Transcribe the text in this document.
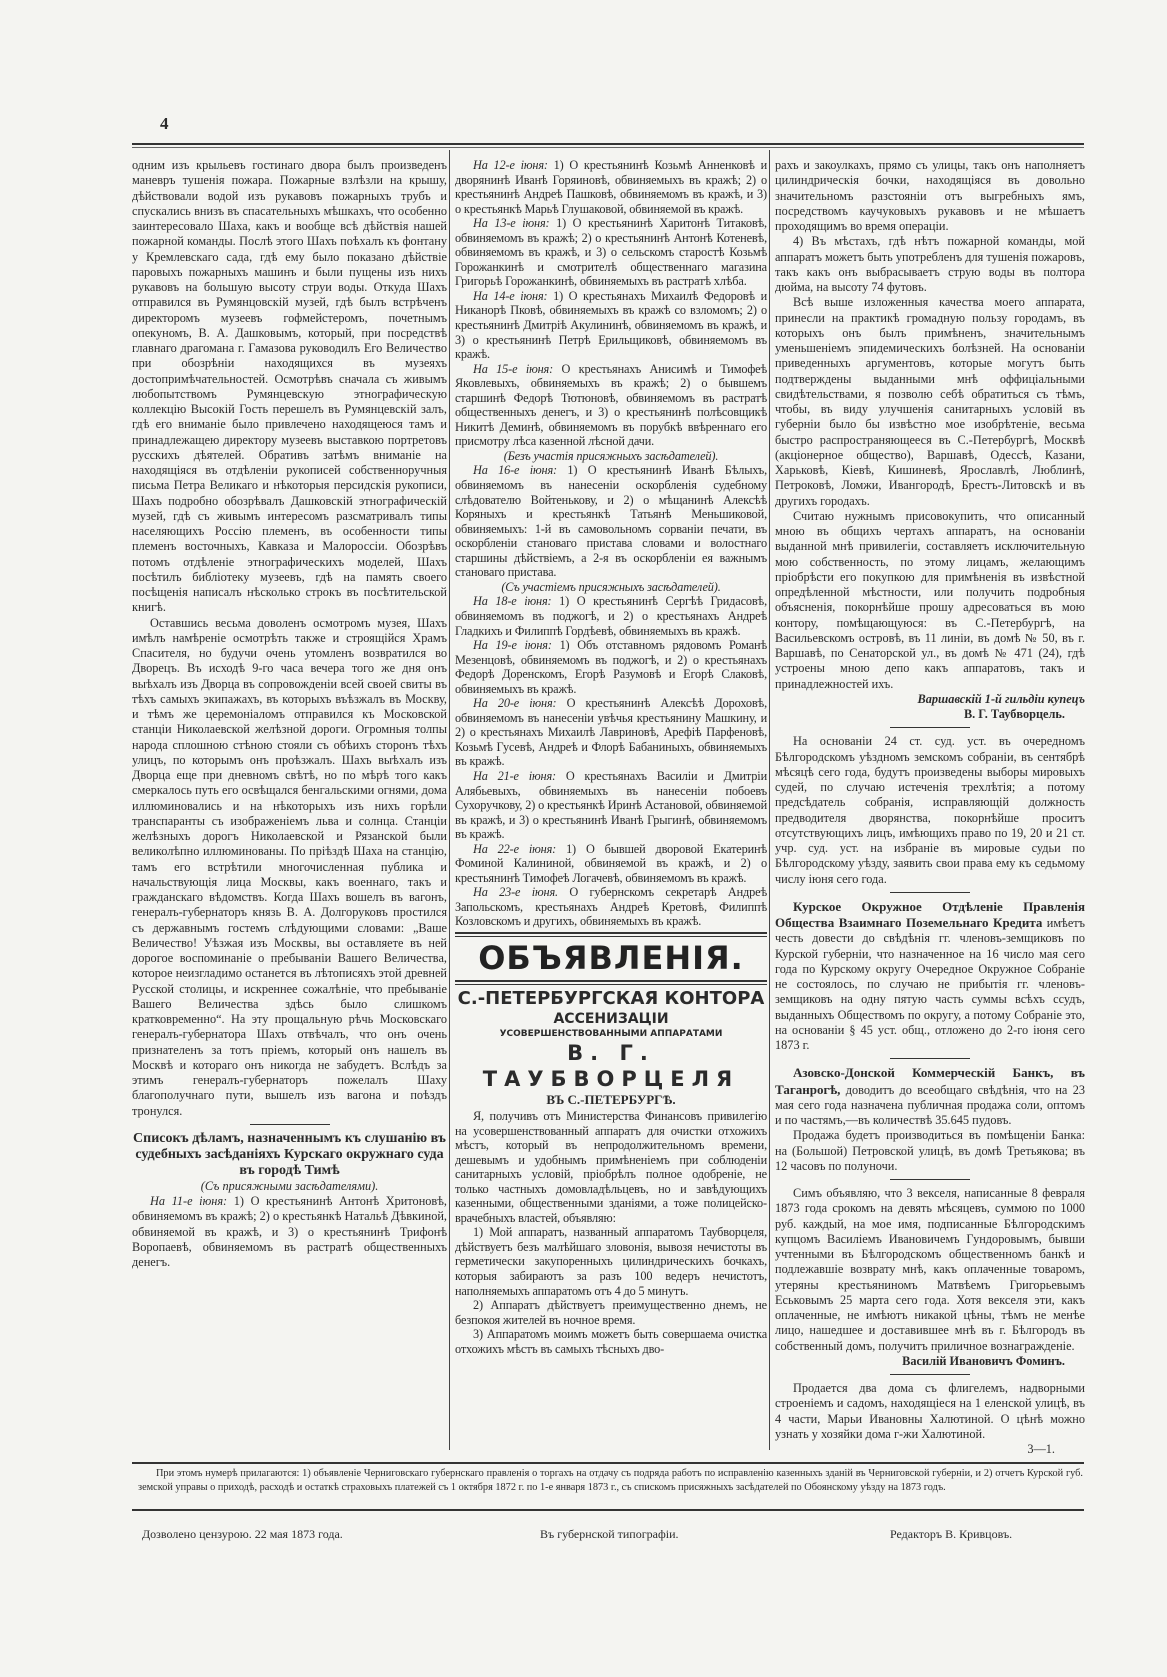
4

одним изъ крыльевъ гостинаго двора былъ произведенъ маневръ тушенія пожара. Пожарные взлѣзли на крышу, дѣйствовали водой изъ рукавовъ пожарныхъ трубъ и спускались внизъ въ спасательныхъ мѣшкахъ, что особенно заинтересовало Шаха, какъ и вообще всѣ дѣйствія нашей пожарной команды. Послѣ этого Шахъ поѣхалъ къ фонтану у Кремлевскаго сада, гдѣ ему было показано дѣйствіе паровыхъ пожарныхъ машинъ и были пущены изъ нихъ рукавовъ на большую высоту струи воды. Откуда Шахъ отправился въ Румянцовскій музей, гдѣ былъ встрѣченъ директоромъ музеевъ гофмейстеромъ, почетнымъ опекуномъ, В. А. Дашковымъ, который, при посредствѣ главнаго драгомана г. Гамазова руководилъ Его Величество при обозрѣніи находящихся въ музеяхъ достопримѣчательностей. Осмотрѣвъ сначала съ живымъ любопытствомъ Румянцевскую этнографическую коллекцію Высокій Гость перешелъ въ Румянцевскій залъ, гдѣ его вниманіе было привлечено находящеюся тамъ и принадлежащею директору музеевъ выставкою портретовъ русскихъ дѣятелей. Обративъ затѣмъ вниманіе на находящіяся въ отдѣленіи рукописей собственноручныя письма Петра Великаго и нѣкоторыя персидскія рукописи, Шахъ подробно обозрѣвалъ Дашковскій этнографическій музей, гдѣ съ живымъ интересомъ разсматривалъ типы населяющихъ Россію племенъ, въ особенности типы племенъ восточныхъ, Кавказа и Малороссіи. Обозрѣвъ потомъ отдѣленіе этнографическихъ моделей, Шахъ посѣтилъ библіотеку музеевъ, гдѣ на память своего посѣщенія написалъ нѣсколько строкъ въ посѣтительской книгѣ.

Оставшись весьма доволенъ осмотромъ музея, Шахъ имѣлъ намѣреніе осмотрѣть также и строящійся Храмъ Спасителя, но будучи очень утомленъ возвратился во Дворецъ. Въ исходѣ 9-го часа вечера того же дня онъ выѣхалъ изъ Дворца въ сопровожденіи всей своей свиты въ тѣхъ самыхъ экипажахъ, въ которыхъ въѣзжалъ въ Москву, и тѣмъ же церемоніаломъ отправился къ Московской станціи Николаевской желѣзной дороги. Огромныя толпы народа сплошною стѣною стояли съ обѣихъ сторонъ тѣхъ улицъ, по которымъ онъ проѣзжалъ. Шахъ выѣхалъ изъ Дворца еще при дневномъ свѣтѣ, но по мѣрѣ того какъ смеркалось путь его освѣщался бенгальскими огнями, дома иллюминовались и на нѣкоторыхъ изъ нихъ горѣли транспаранты съ изображеніемъ льва и солнца. Станціи желѣзныхъ дорогъ Николаевской и Рязанской были великолѣпно иллюминованы. По пріѣздѣ Шаха на станцію, тамъ его встрѣтили многочисленная публика и начальствующія лица Москвы, какъ военнаго, такъ и гражданскаго вѣдомствъ. Когда Шахъ вошелъ въ вагонъ, генералъ-губернаторъ князь В. А. Долгоруковъ простился съ державнымъ гостемъ слѣдующими словами: „Ваше Величество! Уѣзжая изъ Москвы, вы оставляете въ ней дорогое воспоминаніе о пребываніи Вашего Величества, которое неизгладимо останется въ лѣтописяхъ этой древней Русской столицы, и искреннее сожалѣніе, что пребываніе Вашего Величества здѣсь было слишкомъ кратковременно“. На эту прощальную рѣчь Московскаго генералъ-губернатора Шахъ отвѣчалъ, что онъ очень признателенъ за тотъ пріемъ, который онъ нашелъ въ Москвѣ и котораго онъ никогда не забудетъ. Вслѣдъ за этимъ генералъ-губернаторъ пожелалъ Шаху благополучнаго пути, вышелъ изъ вагона и поѣздъ тронулся.

Списокъ дѣламъ, назначеннымъ къ слушанію въ судебныхъ засѣданіяхъ Курскаго окружнаго суда въ городѣ Тимѣ

(Съ присяжными засѣдателями).

На 11-е іюня: 1) О крестьянинѣ Антонѣ Хритоновѣ, обвиняемомъ въ кражѣ; 2) о крестьянкѣ Натальѣ Дѣвкиной, обвиняемой въ кражѣ, и 3) о крестьянинѣ Трифонѣ Воропаевѣ, обвиняемомъ въ растратѣ общественныхъ денегъ.

На 12-е іюня: 1) О крестьянинѣ Козьмѣ Анненковѣ и дворянинѣ Иванѣ Горяиновѣ, обвиняемыхъ въ кражѣ; 2) о крестьянинѣ Андреѣ Пашковѣ, обвиняемомъ въ кражѣ, и 3) о крестьянкѣ Марьѣ Глушаковой, обвиняемой въ кражѣ.

На 13-е іюня: 1) О крестьянинѣ Харитонѣ Титаковѣ, обвиняемомъ въ кражѣ; 2) о крестьянинѣ Антонѣ Котеневѣ, обвиняемомъ въ кражѣ, и 3) о сельскомъ старостѣ Козьмѣ Горожанкинѣ и смотрителѣ общественнаго магазина Григорьѣ Горожанкинѣ, обвиняемыхъ въ растратѣ хлѣба.

На 14-е іюня: 1) О крестьянахъ Михаилѣ Федоровѣ и Никанорѣ Пковѣ, обвиняемыхъ въ кражѣ со взломомъ; 2) о крестьянинѣ Дмитріѣ Акулининѣ, обвиняемомъ въ кражѣ, и 3) о крестьянинѣ Петрѣ Ерильщиковѣ, обвиняемомъ въ кражѣ.

На 15-е іюня: О крестьянахъ Анисимѣ и Тимофеѣ Яковлевыхъ, обвиняемыхъ въ кражѣ; 2) о бывшемъ старшинѣ Федорѣ Тютюновѣ, обвиняемомъ въ растратѣ общественныхъ денегъ, и 3) о крестьянинѣ полѣсовщикѣ Никитѣ Деминѣ, обвиняемомъ въ порубкѣ ввѣреннаго его присмотру лѣса казенной лѣсной дачи.

(Безъ участія присяжныхъ засѣдателей).

На 16-е іюня: 1) О крестьянинѣ Иванѣ Бѣлыхъ, обвиняемомъ въ нанесеніи оскорбленія судебному слѣдователю Войтенькову, и 2) о мѣщанинѣ Алексѣѣ Коряныхъ и крестьянкѣ Татьянѣ Меньшиковой, обвиняемыхъ: 1-й въ самовольномъ сорваніи печати, въ оскорбленіи становаго пристава словами и волостнаго старшины дѣйствіемъ, а 2-я въ оскорбленіи ея важнымъ становаго пристава.

(Съ участіемъ присяжныхъ засѣдателей).

На 18-е іюня: 1) О крестьянинѣ Сергѣѣ Гридасовѣ, обвиняемомъ въ поджогѣ, и 2) о крестьянахъ Андреѣ Гладкихъ и Филиппѣ Гордѣевѣ, обвиняемыхъ въ кражѣ.

На 19-е іюня: 1) Объ отставномъ рядовомъ Романѣ Мезенцовѣ, обвиняемомъ въ поджогѣ, и 2) о крестьянахъ Федорѣ Доренскомъ, Егорѣ Разумовѣ и Егорѣ Слаковѣ, обвиняемыхъ въ кражѣ.

На 20-е іюня: О крестьянинѣ Алексѣѣ Дороховѣ, обвиняемомъ въ нанесеніи увѣчья крестьянину Машкину, и 2) о крестьянахъ Михаилѣ Лавриновѣ, Арефіѣ Парфеновѣ, Козьмѣ Гусевѣ, Андреѣ и Флорѣ Бабаниныхъ, обвиняемыхъ въ кражѣ.

На 21-е іюня: О крестьянахъ Василіи и Дмитріи Алябьевыхъ, обвиняемыхъ въ нанесеніи побоевъ Сухоручкову, 2) о крестьянкѣ Иринѣ Астановой, обвиняемой въ кражѣ, и 3) о крестьянинѣ Иванѣ Грыгинѣ, обвиняемомъ въ кражѣ.

На 22-е іюня: 1) О бывшей дворовой Екатеринѣ Фоминой Калининой, обвиняемой въ кражѣ, и 2) о крестьянинѣ Тимофеѣ Логачевѣ, обвиняемомъ въ кражѣ.

На 23-е іюня. О губернскомъ секретарѣ Андреѣ Запольскомъ, крестьянахъ Андреѣ Кретовѣ, Филиппѣ Козловскомъ и другихъ, обвиняемыхъ въ кражѣ.

ОБЪЯВЛЕНІЯ.
С.-ПЕТЕРБУРГСКАЯ КОНТОРА
АССЕНИЗАЦІИ
УСОВЕРШЕНСТВОВАННЫМИ АППАРАТАМИ
В. Г. ТАУБВОРЦЕЛЯ
ВЪ С.-ПЕТЕРБУРГѢ.

Я, получивъ отъ Министерства Финансовъ привилегію на усовершенствованный аппаратъ для очистки отхожихъ мѣстъ, который въ непродолжительномъ времени, дешевымъ и удобнымъ примѣненіемъ при соблюденіи санитарныхъ условій, пріобрѣлъ полное одобреніе, не только частныхъ домовладѣльцевъ, но и завѣдующихъ казенными, общественными зданіями, а тоже полицейско-врачебныхъ властей, объявляю:

1) Мой аппаратъ, названный аппаратомъ Таубворцеля, дѣйствуетъ безъ малѣйшаго зловонія, вывозя нечистоты въ герметически закупоренныхъ цилиндрическихъ бочкахъ, которыя забираютъ за разъ 100 ведеръ нечистотъ, наполняемыхъ аппаратомъ отъ 4 до 5 минутъ.

2) Аппаратъ дѣйствуетъ преимущественно днемъ, не безпокоя жителей въ ночное время.

3) Аппаратомъ моимъ можетъ быть совершаема очистка отхожихъ мѣстъ въ самыхъ тѣсныхъ дво-

рахъ и закоулкахъ, прямо съ улицы, такъ онъ наполняетъ цилиндрическія бочки, находящіяся въ довольно значительномъ разстояніи отъ выгребныхъ ямъ, посредствомъ каучуковыхъ рукавовъ и не мѣшаетъ проходящимъ во время операціи.

4) Въ мѣстахъ, гдѣ нѣтъ пожарной команды, мой аппаратъ можетъ быть употребленъ для тушенія пожаровъ, такъ какъ онъ выбрасываетъ струю воды въ полтора дюйма, на высоту 74 футовъ.

Всѣ выше изложенныя качества моего аппарата, принесли на практикѣ громадную пользу городамъ, въ которыхъ онъ былъ примѣненъ, значительнымъ уменьшеніемъ эпидемическихъ болѣзней. На основаніи приведенныхъ аргументовъ, которые могутъ быть подтверждены выданными мнѣ оффиціальными свидѣтельствами, я позволю себѣ обратиться съ тѣмъ, чтобы, въ виду улучшенія санитарныхъ условій въ губерніи было бы извѣстно мое изобрѣтеніе, весьма быстро распространяющееся въ С.-Петербургѣ, Москвѣ (акціонерное общество), Варшавѣ, Одессѣ, Казани, Харьковѣ, Кіевѣ, Кишиневѣ, Ярославлѣ, Люблинѣ, Петроковѣ, Ломжи, Ивангородѣ, Брестъ-Литовскѣ и въ другихъ городахъ.

Считаю нужнымъ присовокупить, что описанный мною въ общихъ чертахъ аппаратъ, на основаніи выданной мнѣ привилегіи, составляетъ исключительную мою собственность, по этому лицамъ, желающимъ пріобрѣсти его покупкою для примѣненія въ извѣстной опредѣленной мѣстности, или получить подробныя объясненія, покорнѣйше прошу адресоваться въ мою контору, помѣщающуюся: въ С.-Петербургѣ, на Васильевскомъ островѣ, въ 11 линіи, въ домѣ № 50, въ г. Варшавѣ, по Сенаторской ул., въ домѣ № 471 (24), гдѣ устроены мною депо какъ аппаратовъ, такъ и принадлежностей ихъ.

Варшавскій 1-й гильдіи купецъ

В. Г. Таубворцель.

На основаніи 24 ст. суд. уст. въ очередномъ Бѣлгородскомъ уѣздномъ земскомъ собраніи, въ сентябрѣ мѣсяцѣ сего года, будутъ произведены выборы мировыхъ судей, по случаю истеченія трехлѣтія; а потому предсѣдатель собранія, исправляющій должность предводителя дворянства, покорнѣйше проситъ отсутствующихъ лицъ, имѣющихъ право по 19, 20 и 21 ст. учр. суд. уст. на избраніе въ мировые судьи по Бѣлгородскому уѣзду, заявить свои права ему къ седьмому числу іюня сего года.

Курское Окружное Отдѣленіе Правленія Общества Взаимнаго Поземельнаго Кредита имѣетъ честь довести до свѣдѣнія гг. членовъ-земщиковъ по Курской губерніи, что назначенное на 16 число мая сего года по Курскому округу Очередное Окружное Собраніе не состоялось, по случаю не прибытія гг. членовъ-земщиковъ на одну пятую часть суммы всѣхъ ссудъ, выданныхъ Обществомъ по округу, а потому Собраніе это, на основаніи § 45 уст. общ., отложено до 2-го іюня сего 1873 г.

Азовско-Донской Коммерческій Банкъ, въ Таганрогѣ, доводитъ до всеобщаго свѣдѣнія, что на 23 мая сего года назначена публичная продажа соли, оптомъ и по частямъ,—въ количествѣ 35.645 пудовъ.

Продажа будетъ производиться въ помѣщеніи Банка: на (Большой) Петровской улицѣ, въ домѣ Третьякова; въ 12 часовъ по полуночи.

Симъ объявляю, что 3 векселя, написанные 8 февраля 1873 года срокомъ на девять мѣсяцевъ, суммою по 1000 руб. каждый, на мое имя, подписанные Бѣлгородскимъ купцомъ Василіемъ Ивановичемъ Гундоровымъ, бывши учтенными въ Бѣлгородскомъ общественномъ банкѣ и подлежавшіе возврату мнѣ, какъ оплаченные товаромъ, утеряны крестьяниномъ Матвѣемъ Григорьевымъ Еськовымъ 25 марта сего года. Хотя векселя эти, какъ оплаченные, не имѣютъ никакой цѣны, тѣмъ не менѣе лицо, нашедшее и доставившее мнѣ въ г. Бѣлгородъ въ собственный домъ, получитъ приличное вознагражденіе.

Василій Ивановичъ Фоминъ.

Продается два дома съ флигелемъ, надворными строеніемъ и садомъ, находящіеся на 1 еленской улицѣ, въ 4 части, Марьи Ивановны Халютиной. О цѣнѣ можно узнать у хозяйки дома г-жи Халютиной.

3—1.

При этомъ нумерѣ прилагаются: 1) объявленіе Черниговскаго губернскаго правленія о торгахъ на отдачу съ подряда работъ по исправленію казенныхъ зданій въ Черниговской губерніи, и 2) отчетъ Курской губ. земской управы о приходѣ, расходѣ и остаткѣ страховыхъ платежей съ 1 октября 1872 г. по 1-е января 1873 г., съ спискомъ присяжныхъ засѣдателей по Обоянскому уѣзду на 1873 годъ.

Дозволено цензурою. 22 мая 1873 года.	Въ губернской типографіи.	Редакторъ В. Кривцовъ.
